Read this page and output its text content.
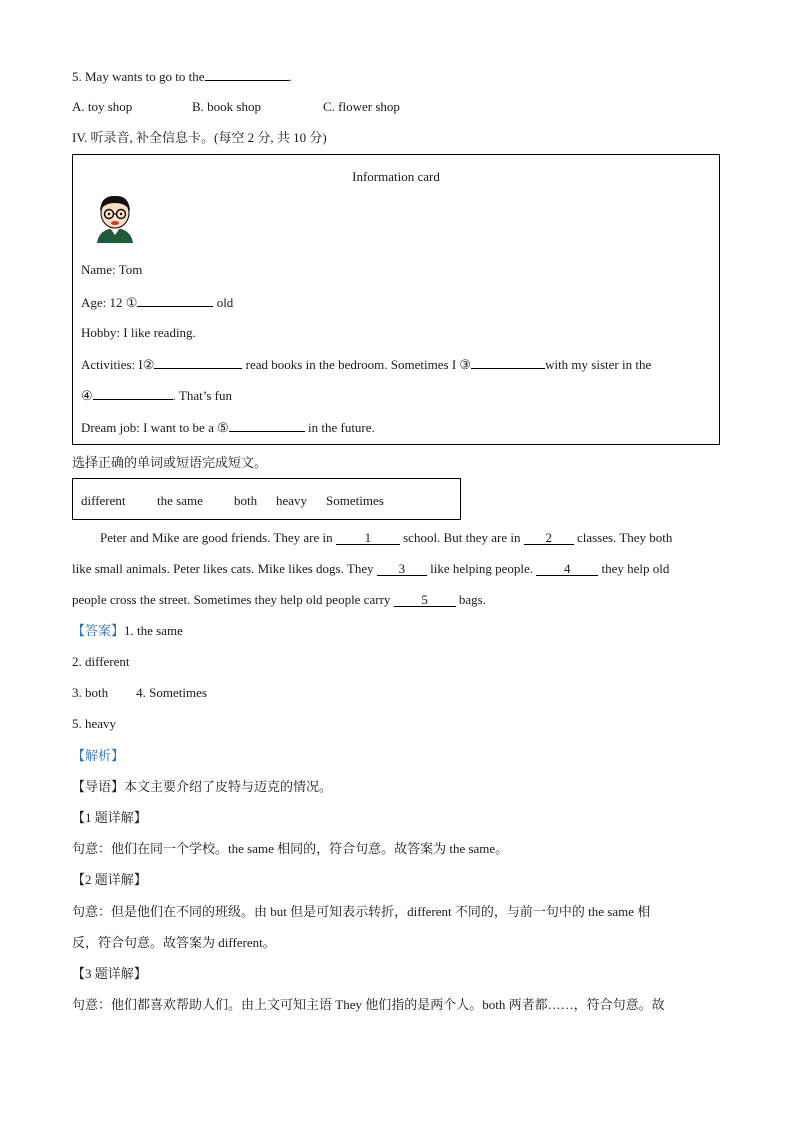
5. May wants to go to the	.
A. toy shop	B. book shop	C. flower shop
IV. 听录音, 补全信息卡。(每空 2 分, 共 10 分)
Information card
Name: Tom
Age: 12 ①	old
Hobby: I like reading.
Activities: I②	read books in the bedroom. Sometimes I ③	with my sister in the
④	. That’s fun
Dream job: I want to be a ⑤	in the future.
选择正确的单词或短语完成短文。
different the same both heavy Sometimes
Peter and Mike are good friends. They are in 1 school. But they are in 2 classes. They both
like small animals. Peter likes cats. Mike likes dogs. They 3 like helping people. 4 they help old
people cross the street. Sometimes they help old people carry 5 bags.
【答案】1. the same
2. different
3. both 4. Sometimes
5. heavy
【解析】
【导语】本文主要介绍了皮特与迈克的情况。
【1 题详解】
句意：他们在同一个学校。the same 相同的，符合句意。故答案为 the same。
【2 题详解】
句意：但是他们在不同的班级。由 but 但是可知表示转折，different 不同的，与前一句中的 the same 相
反，符合句意。故答案为 different。
【3 题详解】
句意：他们都喜欢帮助人们。由上文可知主语 They 他们指的是两个人。both 两者都……，符合句意。故
